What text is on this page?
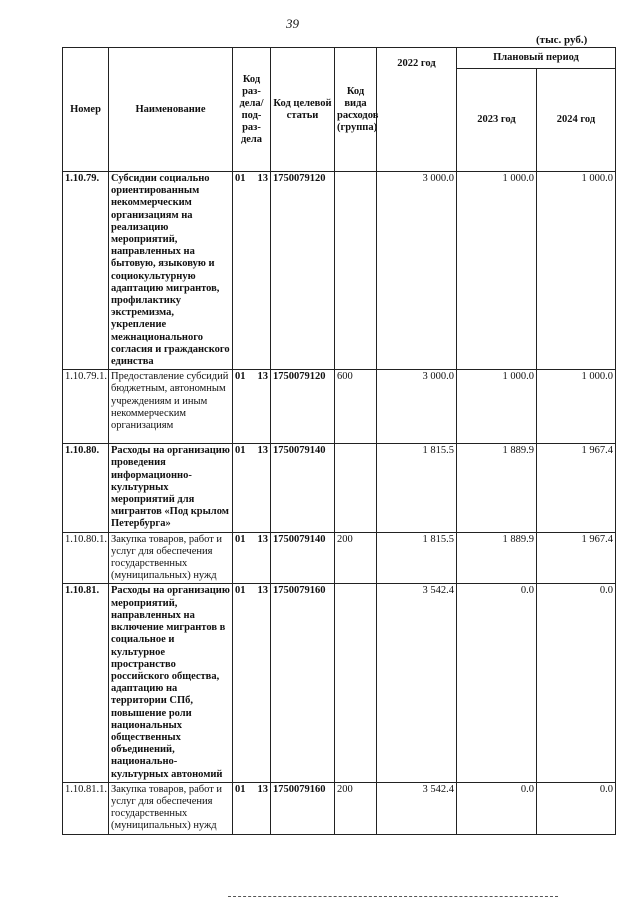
39
(тыс. руб.)
Номер	Наименование	Код раз-дела/ под-раз-дела	Код целевой статьи	Код вида расходов (группа)	2022 год	Плановый период	
						2023 год	2024 год
1.10.79.	Субсидии социально ориентированным некоммерческим организациям на реализацию мероприятий, направленных на бытовую, языковую и социокультурную адаптацию мигрантов, профилактику экстремизма, укрепление межнационального согласия и гражданского единства	01 13	1750079120		3 000.0	1 000.0	1 000.0
1.10.79.1.	Предоставление субсидий бюджетным, автономным учреждениям и иным некоммерческим организациям	01 13	1750079120	600	3 000.0	1 000.0	1 000.0
1.10.80.	Расходы на организацию проведения информационно-культурных мероприятий для мигрантов «Под крылом Петербурга»	01 13	1750079140		1 815.5	1 889.9	1 967.4
1.10.80.1.	Закупка товаров, работ и услуг для обеспечения государственных (муниципальных) нужд	01 13	1750079140	200	1 815.5	1 889.9	1 967.4
1.10.81.	Расходы на организацию мероприятий, направленных на включение мигрантов в социальное и культурное пространство российского общества, адаптацию на территории СПб, повышение роли национальных общественных объединений, национально-культурных автономий	01 13	1750079160		3 542.4	0.0	0.0
1.10.81.1.	Закупка товаров, работ и услуг для обеспечения государственных (муниципальных) нужд	01 13	1750079160	200	3 542.4	0.0	0.0
